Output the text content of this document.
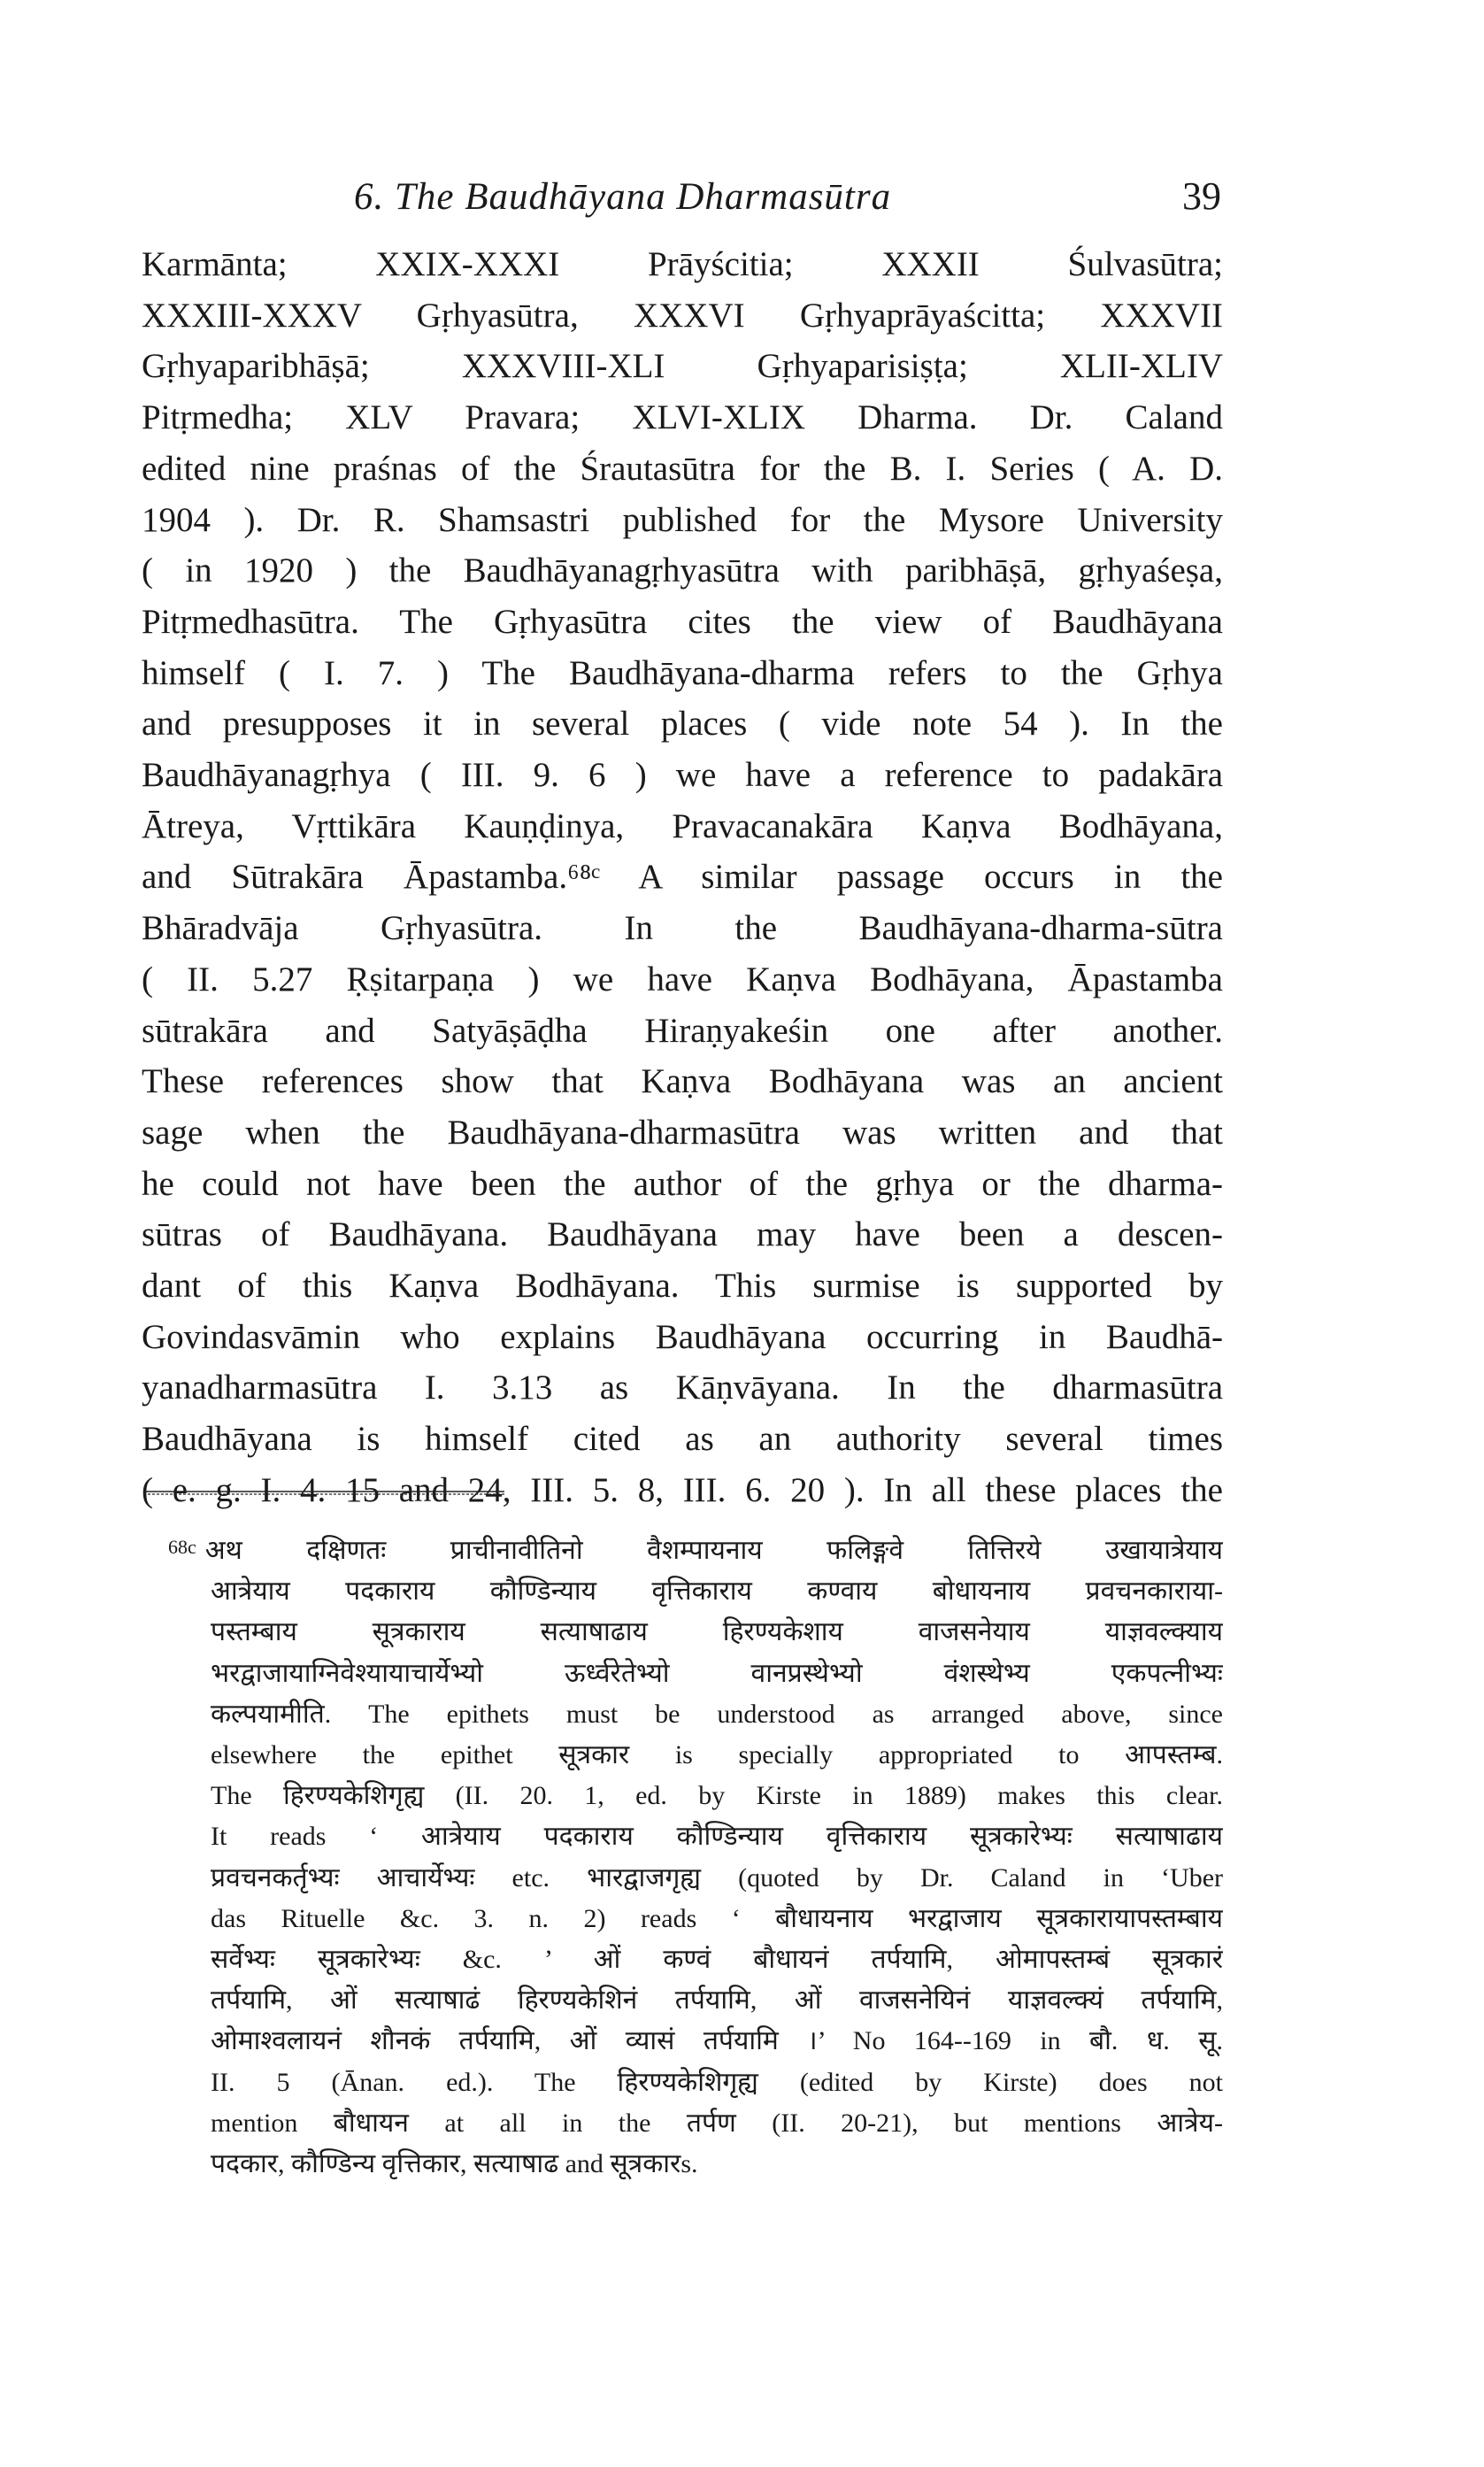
6. The Baudhāyana Dharmasūtra	39

Karmānta; XXIX-XXXI Prāyścitia; XXXII Śulvasūtra;
XXXIII-XXXV Gṛhyasūtra, XXXVI Gṛhyaprāyaścitta; XXXVII
Gṛhyaparibhāṣā; XXXVIII-XLI Gṛhyaparisiṣṭa; XLII-XLIV
Pitṛmedha; XLV Pravara; XLVI-XLIX Dharma. Dr. Caland
edited nine praśnas of the Śrautasūtra for the B. I. Series ( A. D.
1904 ). Dr. R. Shamsastri published for the Mysore University
( in 1920 ) the Baudhāyanagṛhyasūtra with paribhāṣā, gṛhyaśeṣa,
Pitṛmedhasūtra. The Gṛhyasūtra cites the view of Baudhāyana
himself ( I. 7. ) The Baudhāyana-dharma refers to the Gṛhya
and presupposes it in several places ( vide note 54 ). In the
Baudhāyanagṛhya ( III. 9. 6 ) we have a reference to padakāra
Ātreya, Vṛttikāra Kauṇḍinya, Pravacanakāra Kaṇva Bodhāyana,
and Sūtrakāra Āpastamba.⁶⁸ᶜ A similar passage occurs in the
Bhāradvāja Gṛhyasūtra. In the Baudhāyana-dharma-sūtra
( II. 5.27 Ṛṣitarpaṇa ) we have Kaṇva Bodhāyana, Āpastamba
sūtrakāra and Satyāṣāḍha Hiraṇyakeśin one after another.
These references show that Kaṇva Bodhāyana was an ancient
sage when the Baudhāyana-dharmasūtra was written and that
he could not have been the author of the gṛhya or the dharma-
sūtras of Baudhāyana. Baudhāyana may have been a descen-
dant of this Kaṇva Bodhāyana. This surmise is supported by
Govindasvāmin who explains Baudhāyana occurring in Baudhā-
yanadharmasūtra I. 3.13 as Kāṇvāyana. In the dharmasūtra
Baudhāyana is himself cited as an authority several times
( e. g. I. 4. 15 and 24, III. 5. 8, III. 6. 20 ). In all these places the

$^{68c}$ अथ दक्षिणतः प्राचीनावीतिनो वैशम्पायनाय फलिङ्गवे तित्तिरये उखायात्रेयाय
आत्रेयाय पदकाराय कौण्डिन्याय वृत्तिकाराय कण्वाय बोधायनाय प्रवचनकाराया-
पस्तम्बाय सूत्रकाराय सत्याषाढाय हिरण्यकेशाय वाजसनेयाय याज्ञवल्क्याय
भरद्वाजायाग्निवेश्यायाचार्येभ्यो ऊर्ध्वरेतेभ्यो वानप्रस्थेभ्यो वंशस्थेभ्य एकपत्नीभ्यः
कल्पयामीति. The epithets must be understood as arranged above, since
elsewhere the epithet सूत्रकार is specially appropriated to आपस्तम्ब.
The हिरण्यकेशिगृह्य (II. 20. 1, ed. by Kirste in 1889) makes this clear.
It reads ‘ आत्रेयाय पदकाराय कौण्डिन्याय वृत्तिकाराय सूत्रकारेभ्यः सत्याषाढाय
प्रवचनकर्तृभ्यः आचार्येभ्यः etc. भारद्वाजगृह्य (quoted by Dr. Caland in ‘Uber
das Rituelle &c. 3. n. 2) reads ‘ बौधायनाय भरद्वाजाय सूत्रकारायापस्तम्बाय
सर्वेभ्यः सूत्रकारेभ्यः &c. ’ ओं कण्वं बौधायनं तर्पयामि, ओमापस्तम्बं सूत्रकारं
तर्पयामि, ओं सत्याषाढं हिरण्यकेशिनं तर्पयामि, ओं वाजसनेयिनं याज्ञवल्क्यं तर्पयामि,
ओमाश्वलायनं शौनकं तर्पयामि, ओं व्यासं तर्पयामि ।’ No 164--169 in बौ. ध. सू.
II. 5 (Ānan. ed.). The हिरण्यकेशिगृह्य (edited by Kirste) does not
mention बौधायन at all in the तर्पण (II. 20-21), but mentions आत्रेय-
पदकार, कौण्डिन्य वृत्तिकार, सत्याषाढ and सूत्रकारs.
